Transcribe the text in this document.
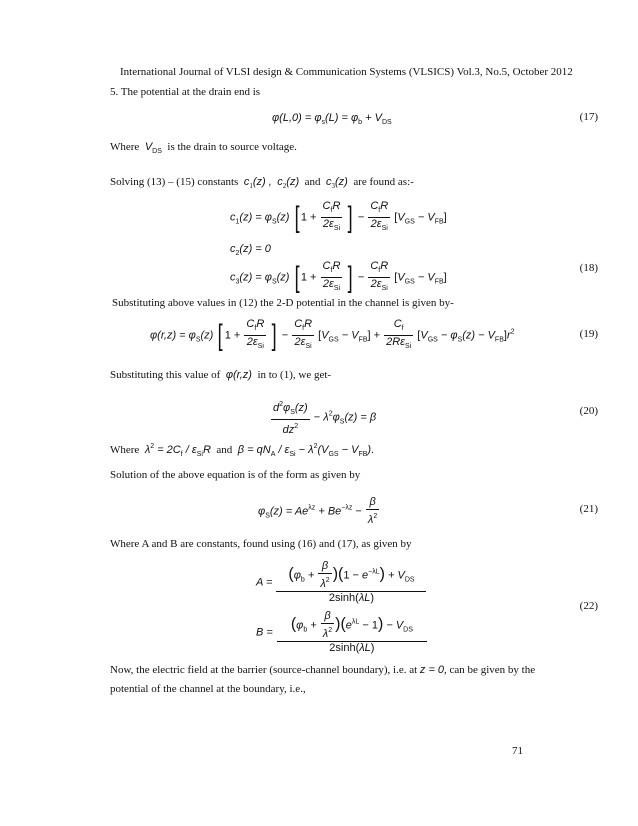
International Journal of VLSI design & Communication Systems (VLSICS) Vol.3, No.5, October 2012
5. The potential at the drain end is
$\varphi(L,0) = \varphi_s(L) = \varphi_b + V_{DS}$	(17)
Where $V_{DS}$ is the drain to source voltage.
Solving (13) – (15) constants $c_1(z)$ , $c_2(z)$ and $c_3(z)$ are found as:-
$c_1(z) = \varphi_S(z)$ [ $1 + \frac{C_fR}{2\varepsilon_{Si}}$ ] − $\frac{C_fR}{2\varepsilon_{Si}} [V_{GS} - V_{FB}]$
$c_2(z) = 0$
(18)
$c_3(z) = \varphi_S(z)$ [ $1 + \frac{C_fR}{2\varepsilon_{Si}}$ ] − $\frac{C_fR}{2\varepsilon_{Si}} [V_{GS} - V_{FB}]$
Substituting above values in (12) the 2-D potential in the channel is given by-
$\varphi(r,z) = \varphi_S(z)$ [ $1 + \frac{C_fR}{2\varepsilon_{Si}}$ ] − $\frac{C_fR}{2\varepsilon_{Si}} [V_{GS} - V_{FB}] + \frac{C_f}{2R\varepsilon_{Si}} [V_{GS} - \varphi_S(z) - V_{FB}]r^2$	(19)
Substituting this value of φ(r,z) in to (1), we get-
$\frac{d^2\varphi_S(z)}{dz^2} - \lambda^2\varphi_S(z) = \beta$
(20)
Where $\lambda^2 = 2C_f / \varepsilon_{Si}R$ and $\beta = qN_A / \varepsilon_{Si} - \lambda^2(V_{GS} - V_{FB})$.
Solution of the above equation is of the form as given by
$\varphi_S(z) = Ae^{\lambda z} + Be^{-\lambda z} - \frac{\beta}{\lambda^2}$	(21)
Where A and B are constants, found using (16) and (17), as given by
$A = \frac{(\varphi_b + \frac{\beta}{\lambda^2} )(1 - e^{-\lambda L}) + V_{DS}}{2\sinh(\lambda L)}$
$B = \frac{(\varphi_b + \frac{\beta}{\lambda^2} )(e^{\lambda L} - 1) - V_{DS}}{2\sinh(\lambda L)}$
(22)
Now, the electric field at the barrier (source-channel boundary), i.e. at z = 0, can be given by the
potential of the channel at the boundary, i.e.,
71
